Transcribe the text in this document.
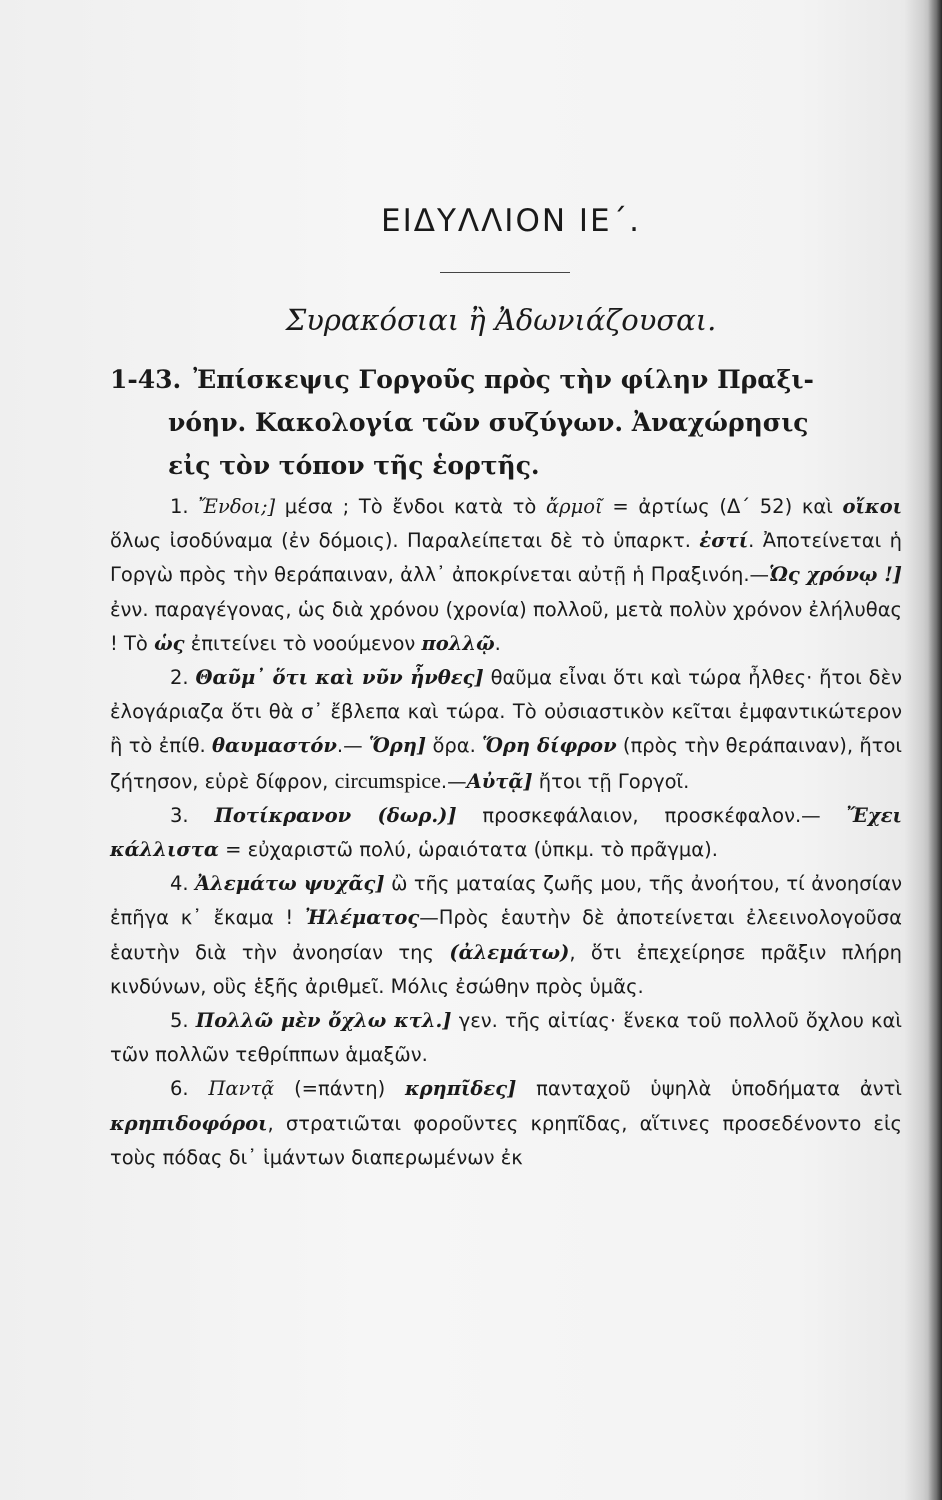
ΕΙΔΥΛΛΙΟΝ ΙΕ΄.
Συρακόσιαι ἢ Ἀδωνιάζουσαι.
1-43. Ἐπίσκεψις Γοργοῦς πρὸς τὴν φίλην Πραξι-
νόην. Κακολογία τῶν συζύγων. Ἀναχώρησις
εἰς τὸν τόπον τῆς ἑορτῆς.

1. Ἔνδοι;] μέσα ; Τὸ ἔνδοι κατὰ τὸ ἄρμοῖ = ἀρτίως (Δ΄ 52) καὶ οἴκοι ὅλως ἰσοδύναμα (ἐν δόμοις). Παραλείπεται δὲ τὸ ὑπαρκτ. ἐστί. Ἀποτείνεται ἡ Γοργὼ πρὸς τὴν θεράπαιναν, ἀλλ᾿ ἀποκρίνεται αὐτῇ ἡ Πραξινόη.—Ὡς χρόνῳ !] ἐνν. παραγέγονας, ὡς διὰ χρόνου (χρονία) πολλοῦ, μετὰ πολὺν χρόνον ἐλήλυθας ! Τὸ ὡς ἐπιτείνει τὸ νοούμενον πολλῷ.

2. Θαῦμ᾿ ὅτι καὶ νῦν ἦνθες] θαῦμα εἶναι ὅτι καὶ τώρα ἦλθες· ἤτοι δὲν ἐλογάριαζα ὅτι θὰ σ᾿ ἔβλεπα καὶ τώρα. Τὸ οὐσιαστικὸν κεῖται ἐμφαντικώτερον ἢ τὸ ἐπίθ. θαυμαστόν.— Ὅρη] ὅρα. Ὅρη δίφρον (πρὸς τὴν θεράπαιναν), ἤτοι ζήτησον, εὑρὲ δίφρον, circumspice.—Αὐτᾷ] ἤτοι τῇ Γοργοῖ.

3. Ποτίκρανον (δωρ.)] προσκεφάλαιον, προσκέφαλον.— Ἔχει κάλλιστα = εὐχαριστῶ πολύ, ὡραιότατα (ὑπκμ. τὸ πρᾶγμα).

4. Ἀλεμάτω ψυχᾶς] ὢ τῆς ματαίας ζωῆς μου, τῆς ἀνοήτου, τί ἀνοησίαν ἐπῆγα κ᾿ ἔκαμα ! Ἠλέματος—Πρὸς ἑαυτὴν δὲ ἀποτείνεται ἐλεεινολογοῦσα ἑαυτὴν διὰ τὴν ἀνοησίαν της (ἀλεμάτω), ὅτι ἐπεχείρησε πρᾶξιν πλήρη κινδύνων, οὓς ἑξῆς ἀριθμεῖ. Μόλις ἐσώθην πρὸς ὑμᾶς.

5. Πολλῶ μὲν ὄχλω κτλ.] γεν. τῆς αἰτίας· ἕνεκα τοῦ πολλοῦ ὄχλου καὶ τῶν πολλῶν τεθρίππων ἁμαξῶν.

6. Παντᾷ (=πάντη) κρηπῖδες] πανταχοῦ ὑψηλὰ ὑποδήματα ἀντὶ κρηπιδοφόροι, στρατιῶται φοροῦντες κρηπῖδας, αἵτινες προσεδένοντο εἰς τοὺς πόδας δι᾿ ἱμάντων διαπερωμένων ἐκ
